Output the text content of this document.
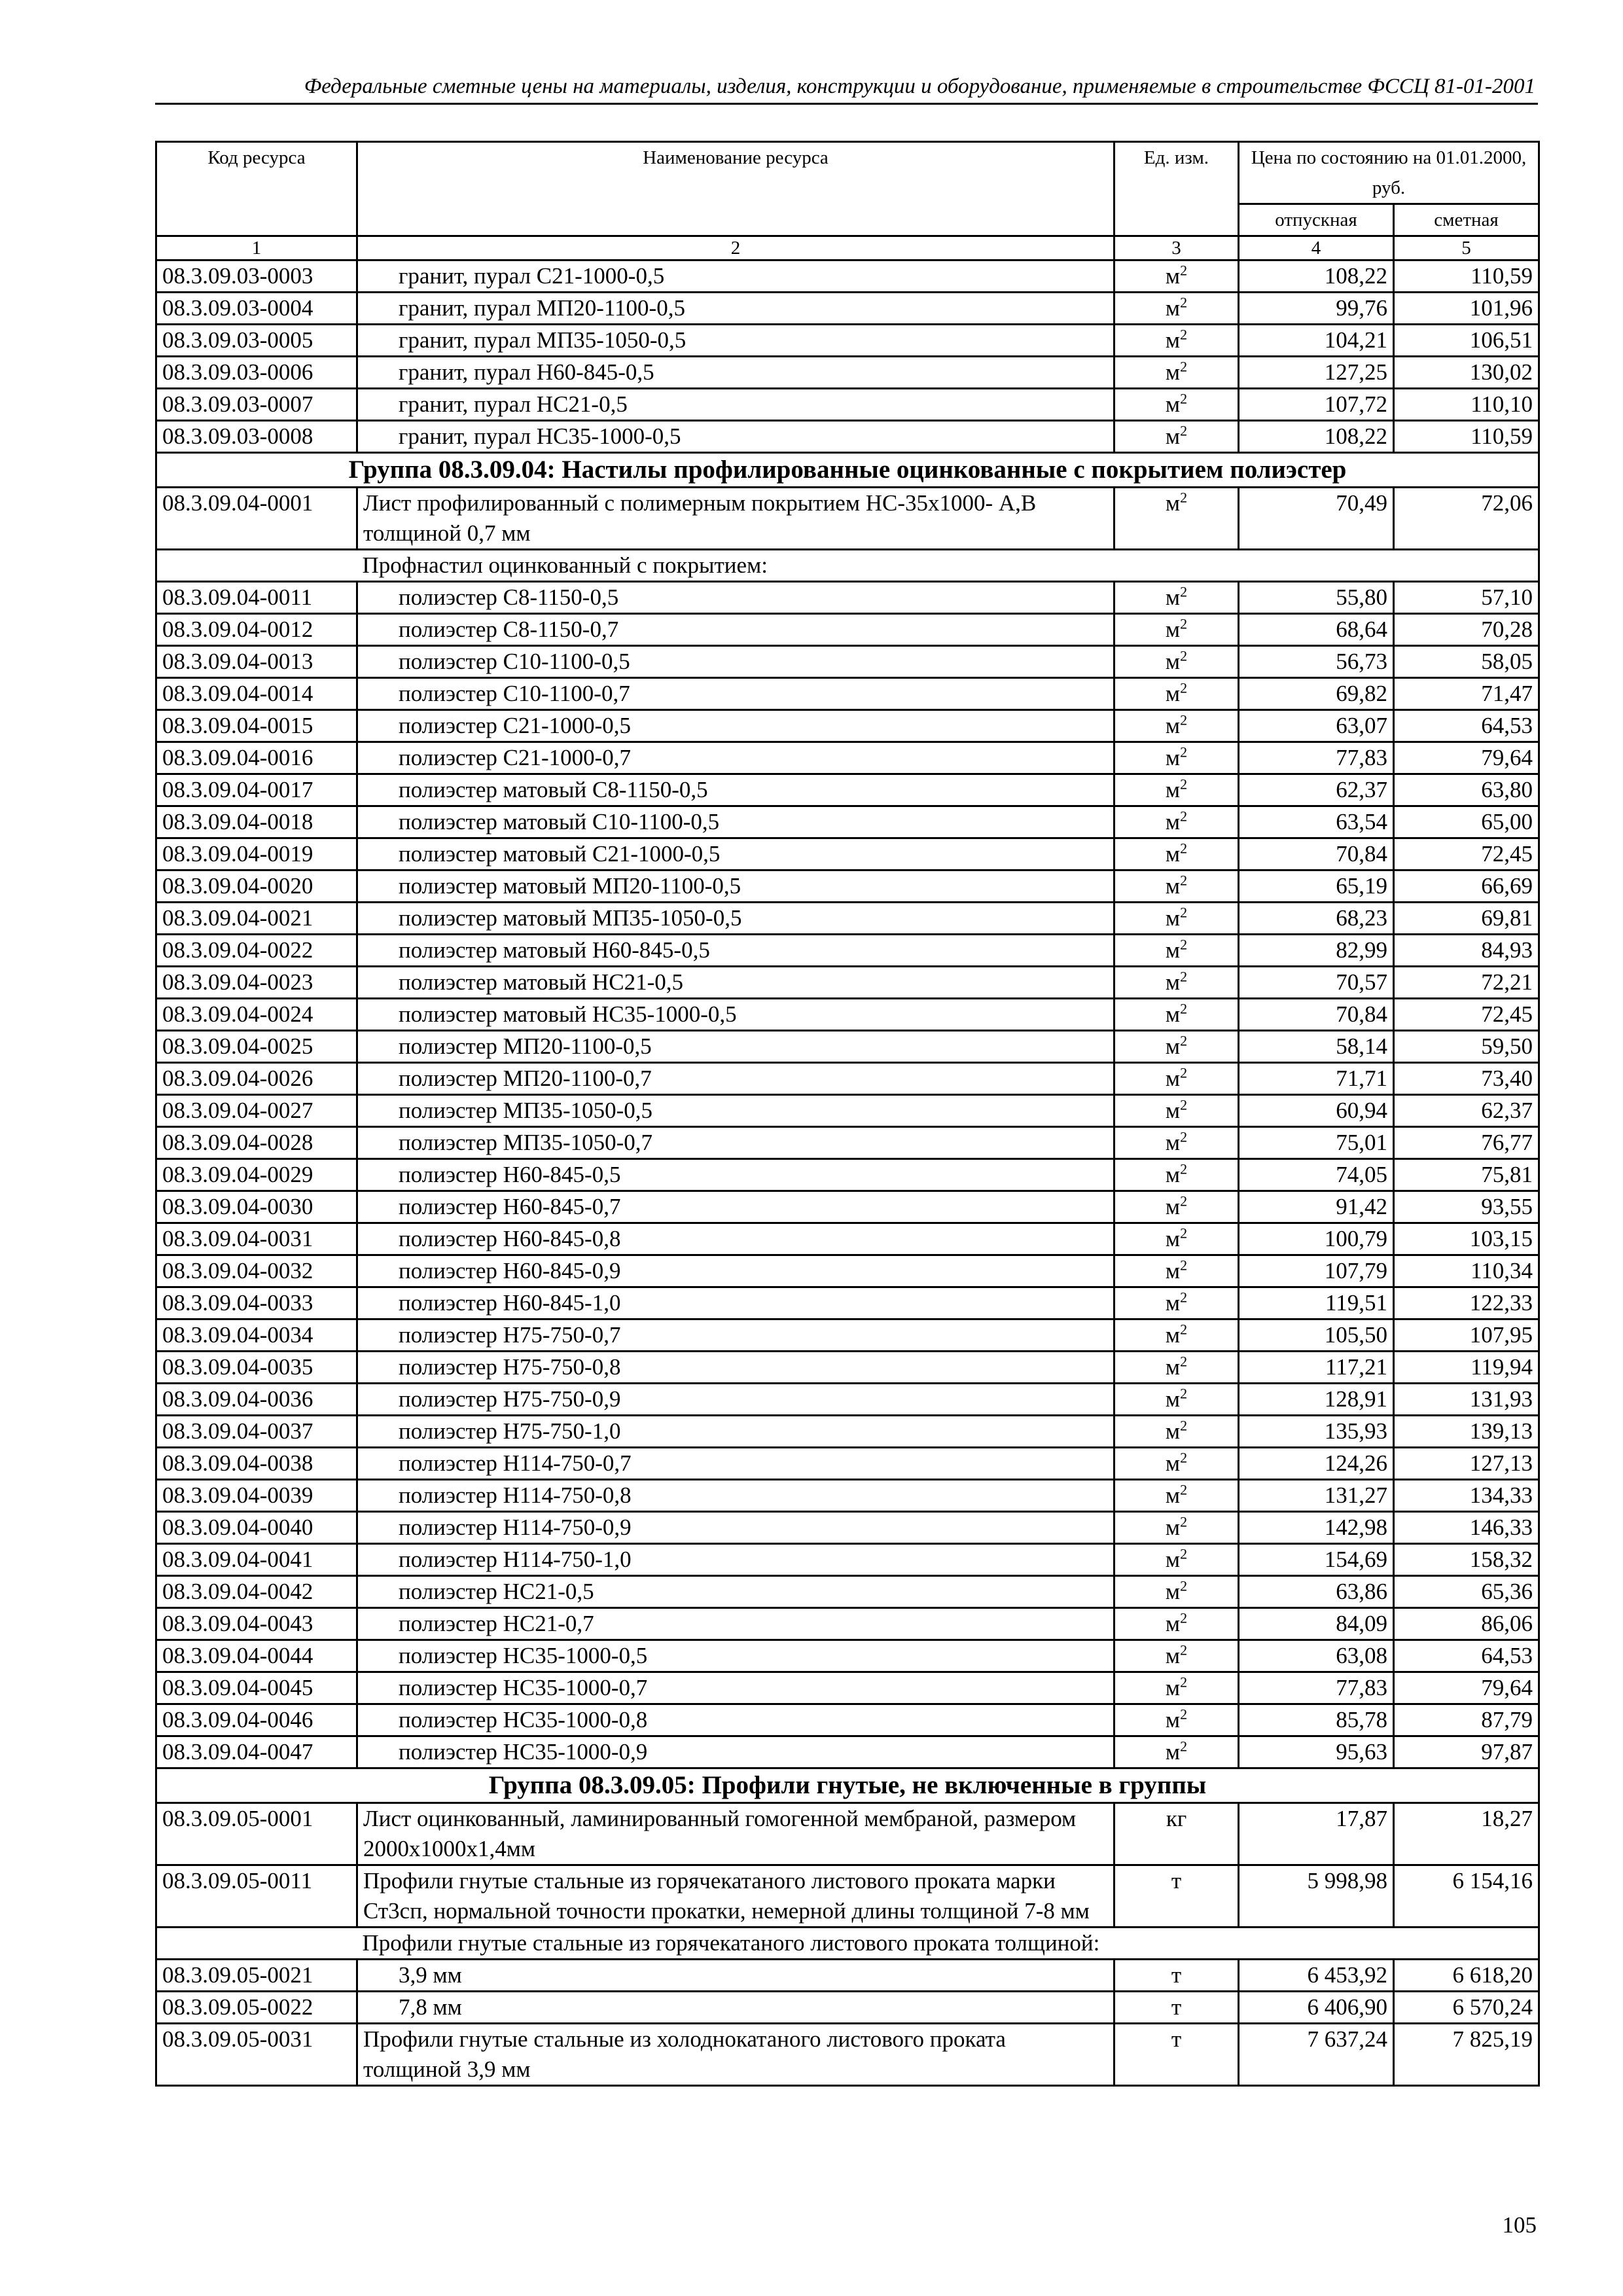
Федеральные сметные цены на материалы, изделия, конструкции и оборудование, применяемые в строительстве ФССЦ 81-01-2001
Код ресурса	Наименование ресурса	Ед. изм.	Цена по состоянию на 01.01.2000, руб.	
			отпускная	сметная
1	2	3	4	5
08.3.09.03-0003	гранит, пурал С21-1000-0,5	$м^2$	108,22	110,59
08.3.09.03-0004	гранит, пурал МП20-1100-0,5	$м^2$	99,76	101,96
08.3.09.03-0005	гранит, пурал МП35-1050-0,5	$м^2$	104,21	106,51
08.3.09.03-0006	гранит, пурал Н60-845-0,5	$м^2$	127,25	130,02
08.3.09.03-0007	гранит, пурал НС21-0,5	$м^2$	107,72	110,10
08.3.09.03-0008	гранит, пурал НС35-1000-0,5	$м^2$	108,22	110,59
Группа 08.3.09.04: Настилы профилированные оцинкованные с покрытием полиэстер				
08.3.09.04-0001	Лист профилированный с полимерным покрытием НС-35х1000- А,В толщиной 0,7 мм	$м^2$	70,49	72,06
	Профнастил оцинкованный с покрытием:			
08.3.09.04-0011	полиэстер С8-1150-0,5	$м^2$	55,80	57,10
08.3.09.04-0012	полиэстер С8-1150-0,7	$м^2$	68,64	70,28
08.3.09.04-0013	полиэстер С10-1100-0,5	$м^2$	56,73	58,05
08.3.09.04-0014	полиэстер С10-1100-0,7	$м^2$	69,82	71,47
08.3.09.04-0015	полиэстер С21-1000-0,5	$м^2$	63,07	64,53
08.3.09.04-0016	полиэстер С21-1000-0,7	$м^2$	77,83	79,64
08.3.09.04-0017	полиэстер матовый С8-1150-0,5	$м^2$	62,37	63,80
08.3.09.04-0018	полиэстер матовый С10-1100-0,5	$м^2$	63,54	65,00
08.3.09.04-0019	полиэстер матовый С21-1000-0,5	$м^2$	70,84	72,45
08.3.09.04-0020	полиэстер матовый МП20-1100-0,5	$м^2$	65,19	66,69
08.3.09.04-0021	полиэстер матовый МП35-1050-0,5	$м^2$	68,23	69,81
08.3.09.04-0022	полиэстер матовый Н60-845-0,5	$м^2$	82,99	84,93
08.3.09.04-0023	полиэстер матовый НС21-0,5	$м^2$	70,57	72,21
08.3.09.04-0024	полиэстер матовый НС35-1000-0,5	$м^2$	70,84	72,45
08.3.09.04-0025	полиэстер МП20-1100-0,5	$м^2$	58,14	59,50
08.3.09.04-0026	полиэстер МП20-1100-0,7	$м^2$	71,71	73,40
08.3.09.04-0027	полиэстер МП35-1050-0,5	$м^2$	60,94	62,37
08.3.09.04-0028	полиэстер МП35-1050-0,7	$м^2$	75,01	76,77
08.3.09.04-0029	полиэстер Н60-845-0,5	$м^2$	74,05	75,81
08.3.09.04-0030	полиэстер Н60-845-0,7	$м^2$	91,42	93,55
08.3.09.04-0031	полиэстер Н60-845-0,8	$м^2$	100,79	103,15
08.3.09.04-0032	полиэстер Н60-845-0,9	$м^2$	107,79	110,34
08.3.09.04-0033	полиэстер Н60-845-1,0	$м^2$	119,51	122,33
08.3.09.04-0034	полиэстер Н75-750-0,7	$м^2$	105,50	107,95
08.3.09.04-0035	полиэстер Н75-750-0,8	$м^2$	117,21	119,94
08.3.09.04-0036	полиэстер Н75-750-0,9	$м^2$	128,91	131,93
08.3.09.04-0037	полиэстер Н75-750-1,0	$м^2$	135,93	139,13
08.3.09.04-0038	полиэстер Н114-750-0,7	$м^2$	124,26	127,13
08.3.09.04-0039	полиэстер Н114-750-0,8	$м^2$	131,27	134,33
08.3.09.04-0040	полиэстер Н114-750-0,9	$м^2$	142,98	146,33
08.3.09.04-0041	полиэстер Н114-750-1,0	$м^2$	154,69	158,32
08.3.09.04-0042	полиэстер НС21-0,5	$м^2$	63,86	65,36
08.3.09.04-0043	полиэстер НС21-0,7	$м^2$	84,09	86,06
08.3.09.04-0044	полиэстер НС35-1000-0,5	$м^2$	63,08	64,53
08.3.09.04-0045	полиэстер НС35-1000-0,7	$м^2$	77,83	79,64
08.3.09.04-0046	полиэстер НС35-1000-0,8	$м^2$	85,78	87,79
08.3.09.04-0047	полиэстер НС35-1000-0,9	$м^2$	95,63	97,87
Группа 08.3.09.05: Профили гнутые, не включенные в группы				
08.3.09.05-0001	Лист оцинкованный, ламинированный гомогенной мембраной, размером 2000х1000х1,4мм	кг	17,87	18,27
08.3.09.05-0011	Профили гнутые стальные из горячекатаного листового проката марки Ст3сп, нормальной точности прокатки, немерной длины толщиной 7-8 мм	т	5 998,98	6 154,16
	Профили гнутые стальные из горячекатаного листового проката толщиной:			
08.3.09.05-0021	3,9 мм	т	6 453,92	6 618,20
08.3.09.05-0022	7,8 мм	т	6 406,90	6 570,24
08.3.09.05-0031	Профили гнутые стальные из холоднокатаного листового проката толщиной 3,9 мм	т	7 637,24	7 825,19
105
